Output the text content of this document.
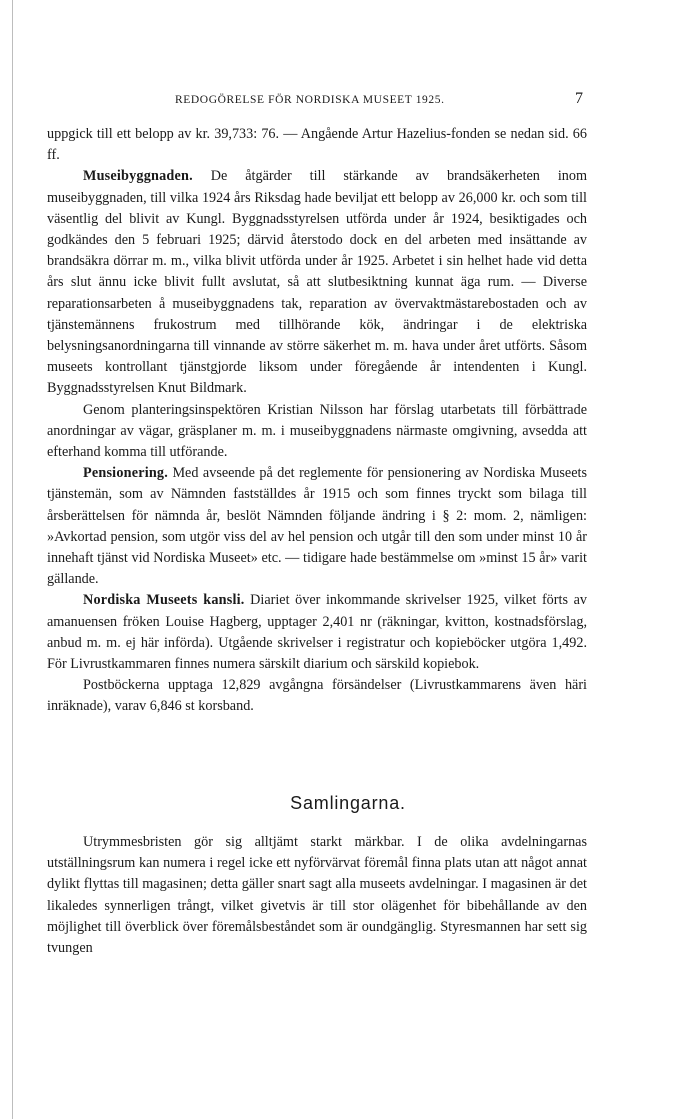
REDOGÖRELSE FÖR NORDISKA MUSEET 1925.	7

uppgick till ett belopp av kr. 39,733: 76. — Angående Artur Hazelius-fonden se nedan sid. 66 ff.

Museibyggnaden. De åtgärder till stärkande av brandsäkerheten inom museibyggnaden, till vilka 1924 års Riksdag hade beviljat ett belopp av 26,000 kr. och som till väsentlig del blivit av Kungl. Byggnadsstyrelsen utförda under år 1924, besiktigades och godkändes den 5 februari 1925; därvid återstodo dock en del arbeten med insättande av brandsäkra dörrar m. m., vilka blivit utförda under år 1925. Arbetet i sin helhet hade vid detta års slut ännu icke blivit fullt avslutat, så att slutbesiktning kunnat äga rum. — Diverse reparationsarbeten å museibyggnadens tak, reparation av övervaktmästarebostaden och av tjänstemännens frukostrum med tillhörande kök, ändringar i de elektriska belysningsanordningarna till vinnande av större säkerhet m. m. hava under året utförts. Såsom museets kontrollant tjänstgjorde liksom under föregående år intendenten i Kungl. Byggnadsstyrelsen Knut Bildmark.

Genom planteringsinspektören Kristian Nilsson har förslag utarbetats till förbättrade anordningar av vägar, gräsplaner m. m. i museibyggnadens närmaste omgivning, avsedda att efterhand komma till utförande.

Pensionering. Med avseende på det reglemente för pensionering av Nordiska Museets tjänstemän, som av Nämnden fastställdes år 1915 och som finnes tryckt som bilaga till årsberättelsen för nämnda år, beslöt Nämnden följande ändring i § 2: mom. 2, nämligen: »Avkortad pension, som utgör viss del av hel pension och utgår till den som under minst 10 år innehaft tjänst vid Nordiska Museet» etc. — tidigare hade bestämmelse om »minst 15 år» varit gällande.

Nordiska Museets kansli. Diariet över inkommande skrivelser 1925, vilket förts av amanuensen fröken Louise Hagberg, upptager 2,401 nr (räkningar, kvitton, kostnadsförslag, anbud m. m. ej här införda). Utgående skrivelser i registratur och kopieböcker utgöra 1,492. För Livrustkammaren finnes numera särskilt diarium och särskild kopiebok.

Postböckerna upptaga 12,829 avgångna försändelser (Livrustkammarens även häri inräknade), varav 6,846 st korsband.

Samlingarna.

Utrymmesbristen gör sig alltjämt starkt märkbar. I de olika avdelningarnas utställningsrum kan numera i regel icke ett nyförvärvat föremål finna plats utan att något annat dylikt flyttas till magasinen; detta gäller snart sagt alla museets avdelningar. I magasinen är det likaledes synnerligen trångt, vilket givetvis är till stor olägenhet för bibehållande av den möjlighet till överblick över föremålsbeståndet som är oundgänglig. Styresmannen har sett sig tvungen
